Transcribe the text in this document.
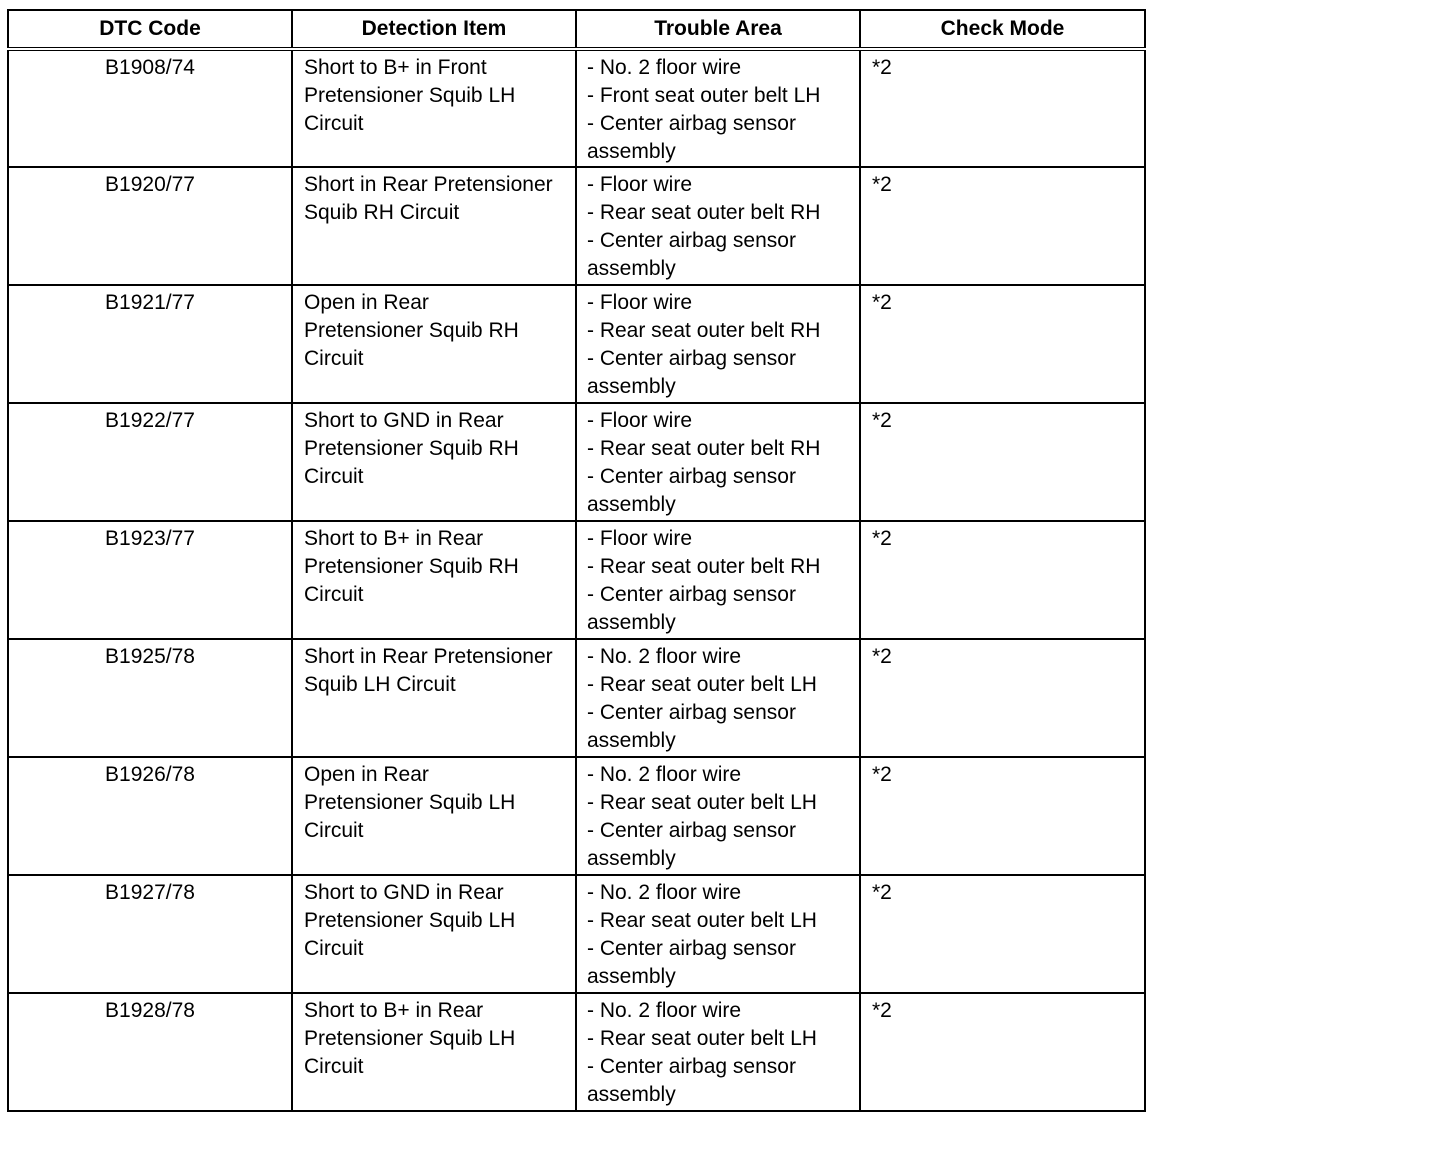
DTC Code	Detection Item	Trouble Area	Check Mode
B1908/74	Short to B+ in Front
Pretensioner Squib LH
Circuit	- No. 2 floor wire
- Front seat outer belt LH
- Center airbag sensor
assembly	*2
B1920/77	Short in Rear Pretensioner
Squib RH Circuit	- Floor wire
- Rear seat outer belt RH
- Center airbag sensor
assembly	*2
B1921/77	Open in Rear
Pretensioner Squib RH
Circuit	- Floor wire
- Rear seat outer belt RH
- Center airbag sensor
assembly	*2
B1922/77	Short to GND in Rear
Pretensioner Squib RH
Circuit	- Floor wire
- Rear seat outer belt RH
- Center airbag sensor
assembly	*2
B1923/77	Short to B+ in Rear
Pretensioner Squib RH
Circuit	- Floor wire
- Rear seat outer belt RH
- Center airbag sensor
assembly	*2
B1925/78	Short in Rear Pretensioner
Squib LH Circuit	- No. 2 floor wire
- Rear seat outer belt LH
- Center airbag sensor
assembly	*2
B1926/78	Open in Rear
Pretensioner Squib LH
Circuit	- No. 2 floor wire
- Rear seat outer belt LH
- Center airbag sensor
assembly	*2
B1927/78	Short to GND in Rear
Pretensioner Squib LH
Circuit	- No. 2 floor wire
- Rear seat outer belt LH
- Center airbag sensor
assembly	*2
B1928/78	Short to B+ in Rear
Pretensioner Squib LH
Circuit	- No. 2 floor wire
- Rear seat outer belt LH
- Center airbag sensor
assembly	*2
